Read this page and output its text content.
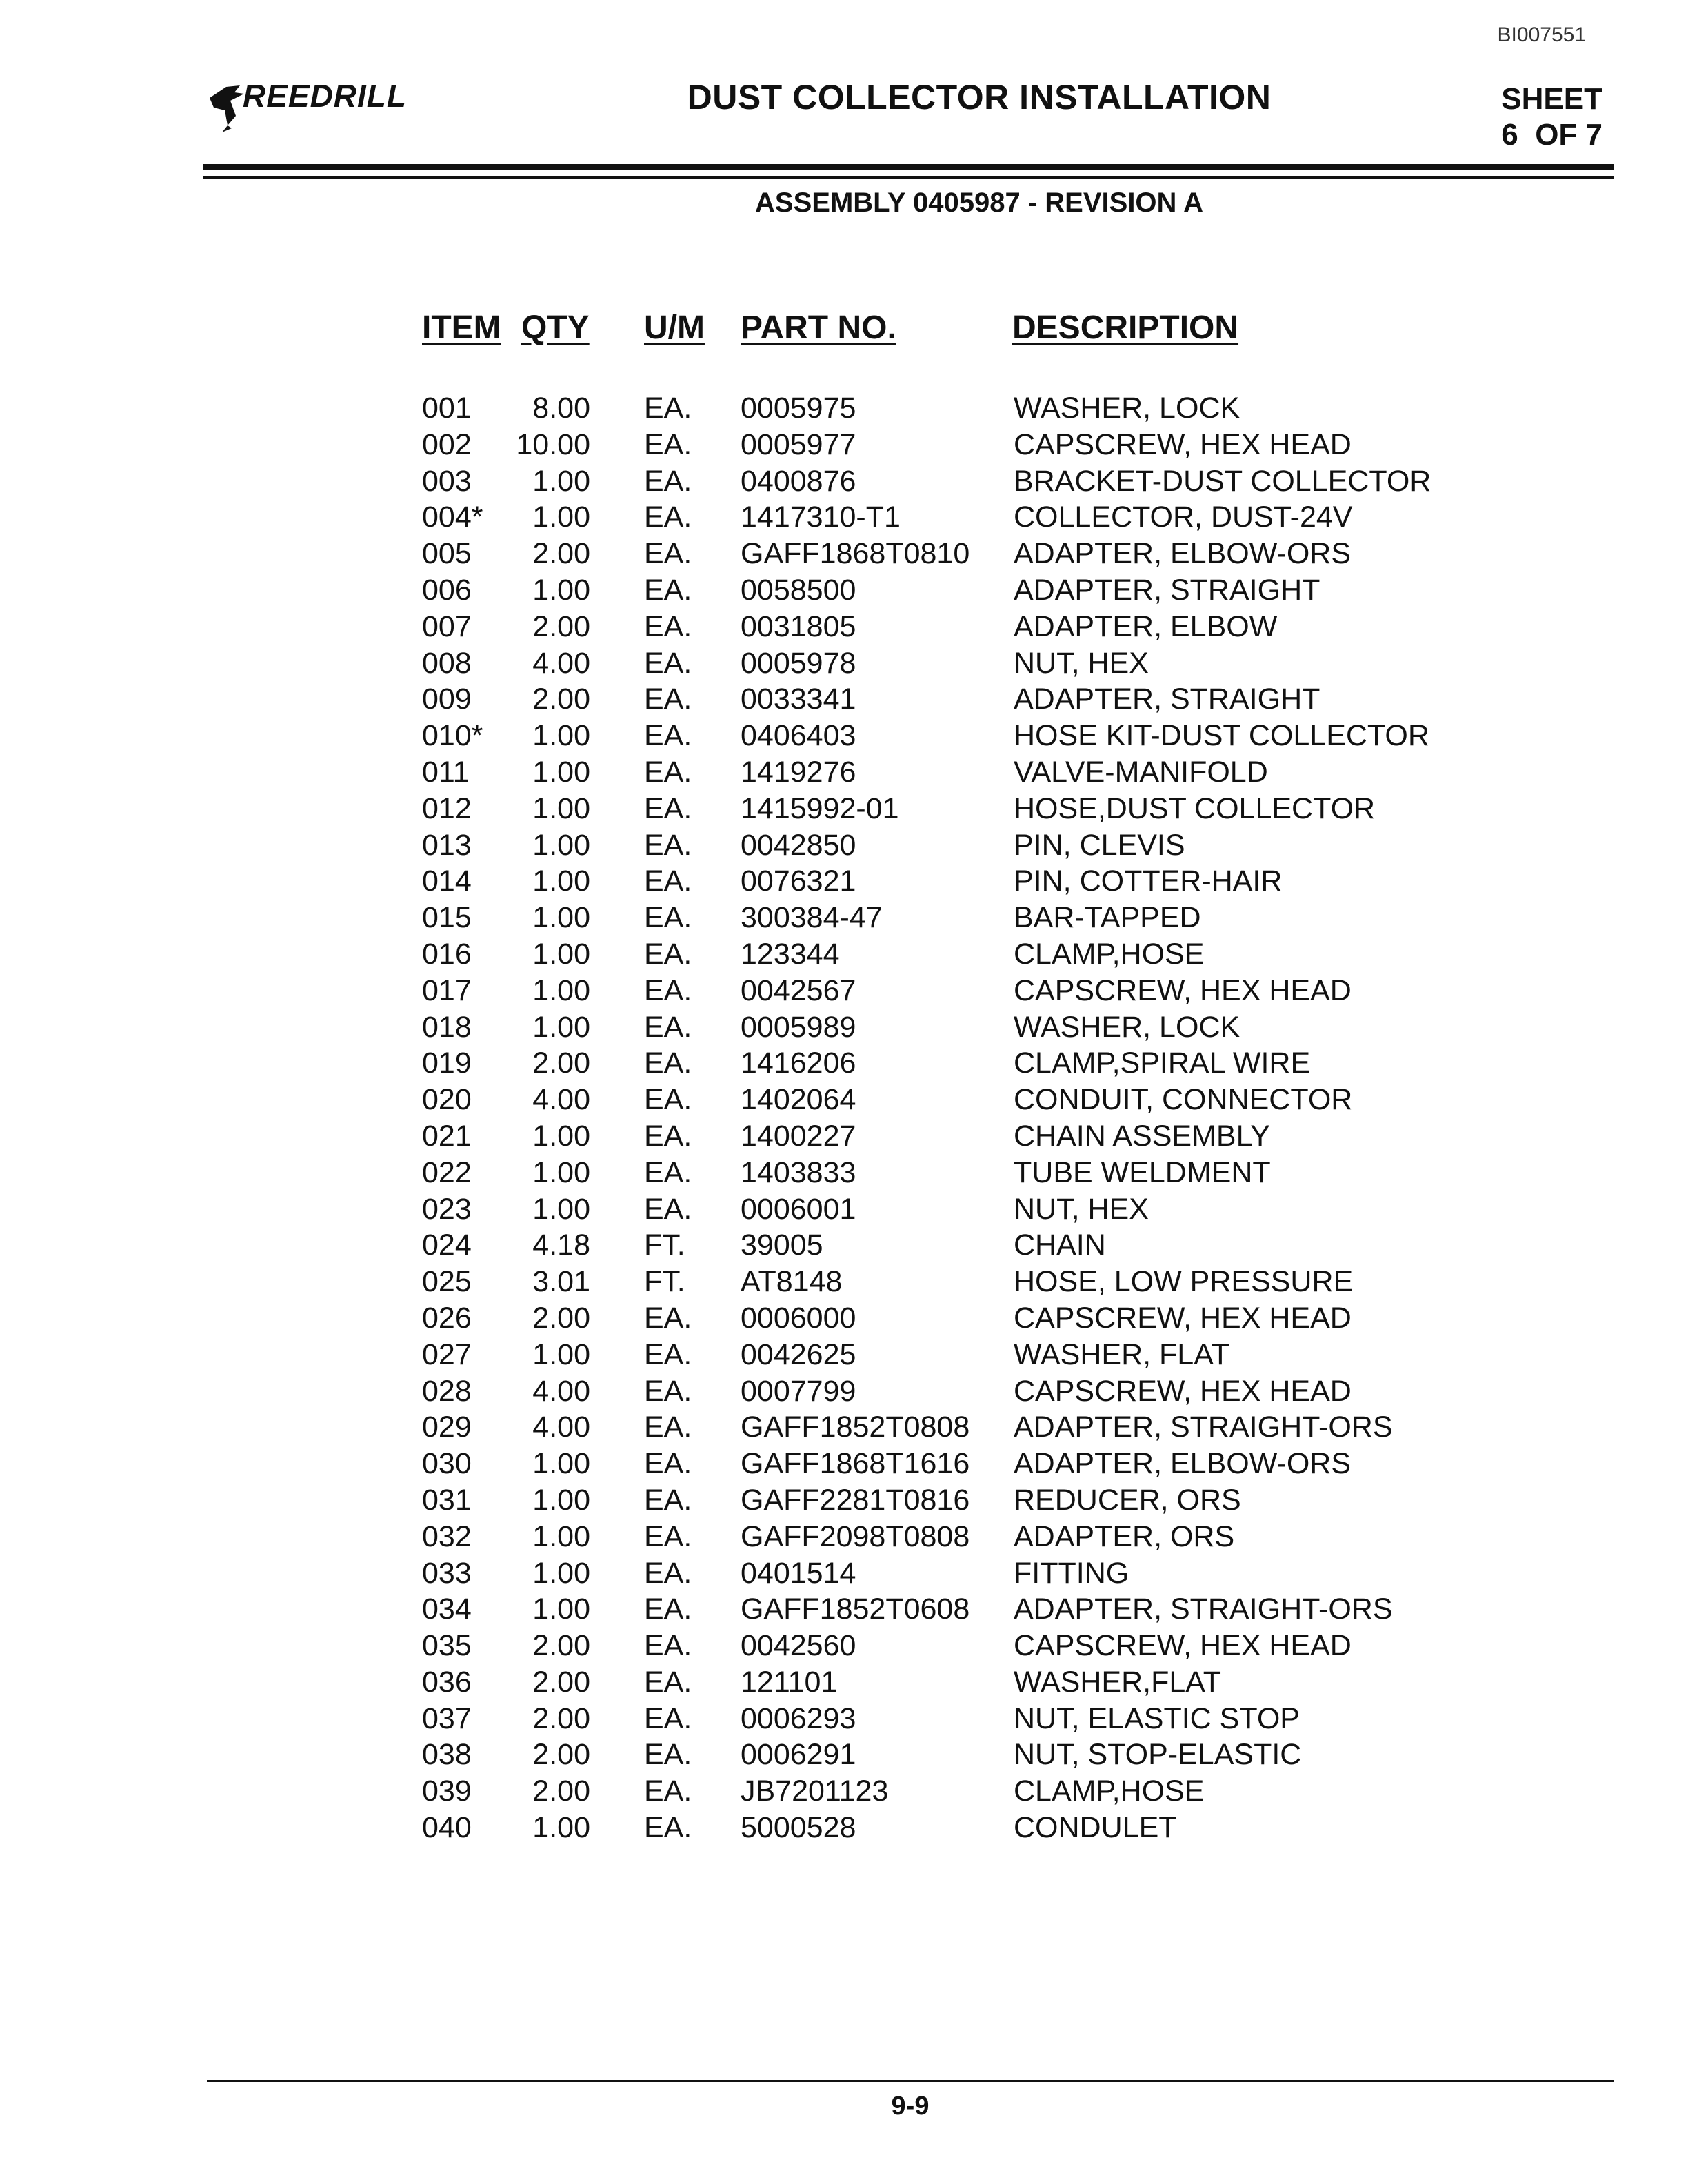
BI007551
REEDRILL	DUST COLLECTOR INSTALLATION	SHEET
6  OF 7
ASSEMBLY 0405987 - REVISION A
ITEM QTY U/M PART NO.	DESCRIPTION
001	8.00 EA. 0005975	WASHER, LOCK
002	10.00 EA. 0005977	CAPSCREW, HEX HEAD
003	1.00 EA. 0400876	BRACKET-DUST COLLECTOR
004*	1.00 EA. 1417310-T1	COLLECTOR, DUST-24V
005	2.00 EA. GAFF1868T0810 ADAPTER, ELBOW-ORS
006	1.00 EA. 0058500	ADAPTER, STRAIGHT
007	2.00 EA. 0031805	ADAPTER, ELBOW
008	4.00 EA. 0005978	NUT, HEX
009	2.00 EA. 0033341	ADAPTER, STRAIGHT
010*	1.00 EA. 0406403	HOSE KIT-DUST COLLECTOR
011	1.00 EA. 1419276	VALVE-MANIFOLD
012	1.00 EA. 1415992-01	HOSE,DUST COLLECTOR
013	1.00 EA. 0042850	PIN, CLEVIS
014	1.00 EA. 0076321	PIN, COTTER-HAIR
015	1.00 EA. 300384-47	BAR-TAPPED
016	1.00 EA. 123344	CLAMP,HOSE
017	1.00 EA. 0042567	CAPSCREW, HEX HEAD
018	1.00 EA. 0005989	WASHER, LOCK
019	2.00 EA. 1416206	CLAMP,SPIRAL WIRE
020	4.00 EA. 1402064	CONDUIT, CONNECTOR
021	1.00 EA. 1400227	CHAIN ASSEMBLY
022	1.00 EA. 1403833	TUBE WELDMENT
023	1.00 EA. 0006001	NUT, HEX
024	4.18 FT. 39005	CHAIN
025	3.01 FT. AT8148	HOSE, LOW PRESSURE
026	2.00 EA. 0006000	CAPSCREW, HEX HEAD
027	1.00 EA. 0042625	WASHER, FLAT
028	4.00 EA. 0007799	CAPSCREW, HEX HEAD
029	4.00 EA. GAFF1852T0808 ADAPTER, STRAIGHT-ORS
030	1.00 EA. GAFF1868T1616 ADAPTER, ELBOW-ORS
031	1.00 EA. GAFF2281T0816 REDUCER, ORS
032	1.00 EA. GAFF2098T0808 ADAPTER, ORS
033	1.00 EA. 0401514	FITTING
034	1.00 EA. GAFF1852T0608 ADAPTER, STRAIGHT-ORS
035	2.00 EA. 0042560	CAPSCREW, HEX HEAD
036	2.00 EA. 121101	WASHER,FLAT
037	2.00 EA. 0006293	NUT, ELASTIC STOP
038	2.00 EA. 0006291	NUT, STOP-ELASTIC
039	2.00 EA. JB7201123	CLAMP,HOSE
040	1.00 EA. 5000528	CONDULET
9-9
